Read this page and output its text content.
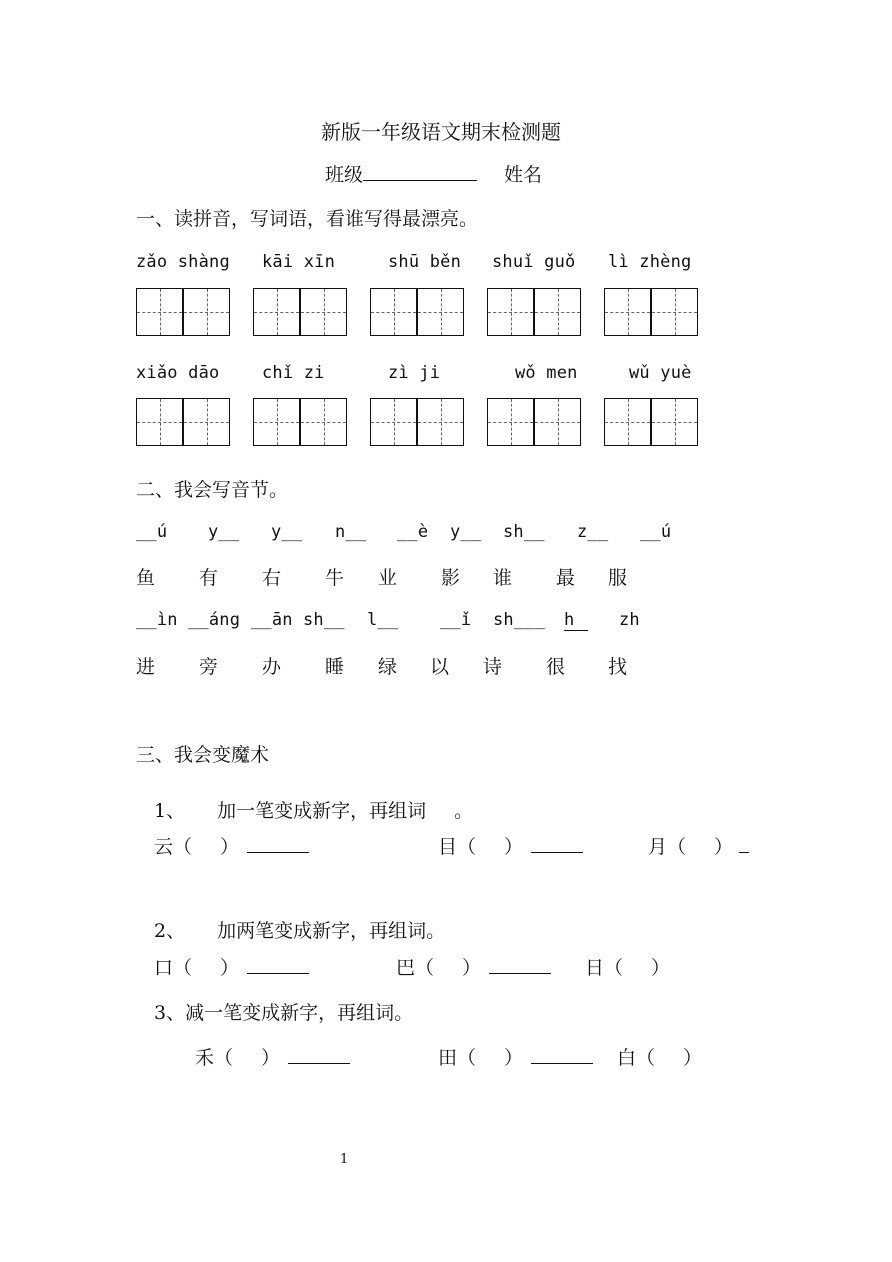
新版一年级语文期末检测题
班级	姓名
一、读拼音，写词语，看谁写得最漂亮。
zǎo shàng kāi xīn	shū běn shuǐ guǒ lì zhèng
xiǎo dāo	chǐ zi	zì ji	wǒ men	wǔ yuè
二、我会写音节。
__ú y__ y__ n__ __è y__ sh__ z__ __ú
鱼 有 右 牛 业 影 谁 最 服
__ìn __áng __ān sh__ l__ __ǐ sh___ h	zh
进 旁 办 睡 绿 以 诗 很 找
三、我会变魔术
1、 加一笔变成新字，再组词 。
云（ ）	目（ ）	月（ ）
2、 加两笔变成新字，再组词。
口（ ）	巴（ ）	日（ ）
3、减一笔变成新字，再组词。
禾（ ）	田（ ）	白（ ）
1
